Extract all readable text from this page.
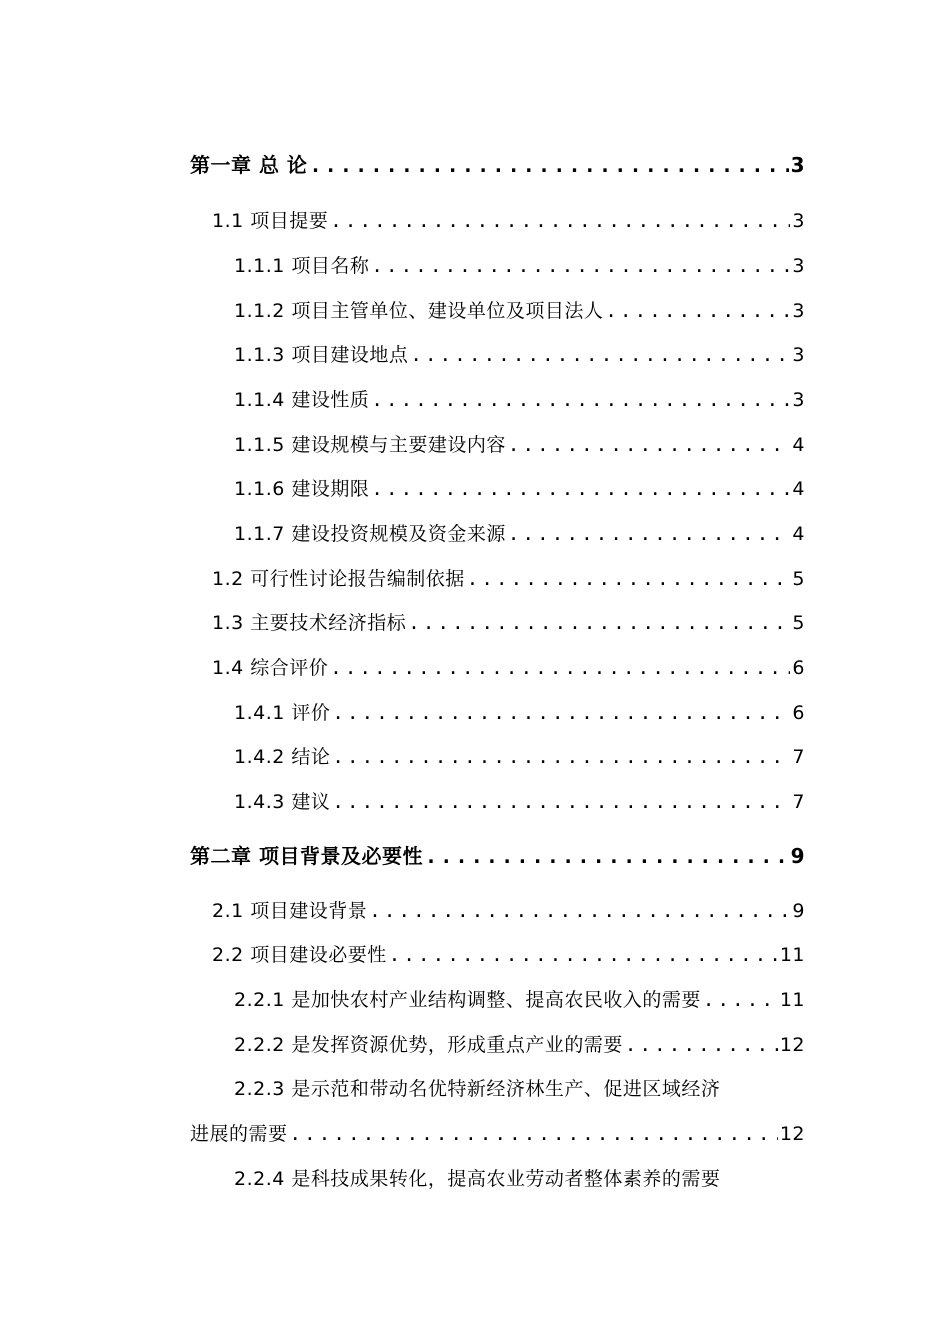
第一章 总 论 .....	3
1.1 项目提要 .....	3
1.1.1 项目名称 .....	3
1.1.2 项目主管单位、建设单位及项目法人 .....	3
1.1.3 项目建设地点 .....	3
1.1.4 建设性质 .....	3
1.1.5 建设规模与主要建设内容 .....	4
1.1.6 建设期限 .....	4
1.1.7 建设投资规模及资金来源 .....	4
1.2 可行性讨论报告编制依据 .....	5
1.3 主要技术经济指标 .....	5
1.4 综合评价 .....	6
1.4.1 评价 .....	6
1.4.2 结论 .....	7
1.4.3 建议 .....	7
第二章 项目背景及必要性 .....	9
2.1 项目建设背景 .....	9
2.2 项目建设必要性 .....	11
2.2.1 是加快农村产业结构调整、提高农民收入的需要 .....	11
2.2.2 是发挥资源优势，形成重点产业的需要 .....	12
2.2.3 是示范和带动名优特新经济林生产、促进区域经济
进展的需要 .....	12
2.2.4 是科技成果转化，提高农业劳动者整体素养的需要
